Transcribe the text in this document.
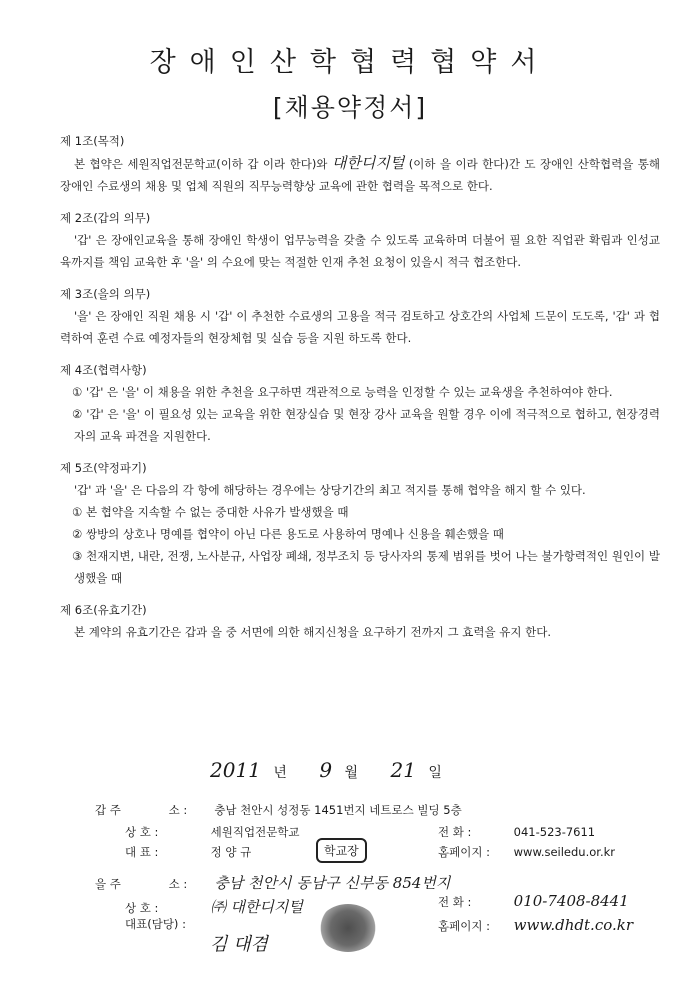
장애인산학협력협약서
[채용약정서]
제 1조(목적)
본 협약은 세원직업전문학교(이하 갑 이라 한다)와 대한디지털 (이하 을 이라 한다)간 도 장애인 산학협력을 통해 장애인 수료생의 채용 및 업체 직원의 직무능력향상 교육에 관한 협력을 목적으로 한다.
제 2조(갑의 의무)
'갑' 은 장애인교육을 통해 장애인 학생이 업무능력을 갖출 수 있도록 교육하며 더불어 필 요한 직업관 확립과 인성교육까지를 책임 교육한 후 '을' 의 수요에 맞는 적절한 인재 추천 요청이 있을시 적극 협조한다.
제 3조(을의 의무)
'을' 은 장애인 직원 채용 시 '갑' 이 추천한 수료생의 고용을 적극 검토하고 상호간의 사업체 드문이 도도록, '갑' 과 협력하여 훈련 수료 예정자들의 현장체험 및 실습 등을 지원 하도록 한다.
제 4조(협력사항)
① '갑' 은 '을' 이 채용을 위한 추천을 요구하면 객관적으로 능력을 인정할 수 있는 교육생을 추천하여야 한다.
② '갑' 은 '을' 이 필요성 있는 교육을 위한 현장실습 및 현장 강사 교육을 원할 경우 이에 적극적으로 협하고, 현장경력자의 교육 파견을 지원한다.
제 5조(약정파기)
'갑' 과 '을' 은 다음의 각 항에 해당하는 경우에는 상당기간의 최고 적지를 통해 협약을 해지 할 수 있다.
① 본 협약을 지속할 수 없는 중대한 사유가 발생했을 때
② 쌍방의 상호나 명예를 협약이 아닌 다른 용도로 사용하여 명예나 신용을 훼손했을 때
③ 천재지변, 내란, 전쟁, 노사분규, 사업장 폐쇄, 정부조치 등 당사자의 통제 범위를 벗어 나는 불가항력적인 원인이 발생했을 때
제 6조(유효기간)
본 계약의 유효기간은 갑과 을 중 서면에 의한 해지신청을 요구하기 전까지 그 효력을 유지 한다.
2011 년 9 월 21 일
갑 주	소 : 충남 천안시 성정동 1451번지 네트로스 빌딩 5층
상 호 :	세원직업전문학교	전 화 :	041-523-7611
대 표 :	정 양 규	학교장	홈페이지 : www.seiledu.or.kr
을 주	소 : 충남 천안시 동남구 신부동 854번지
상 호 :	㈜ 대한디지털	전 화 :	010-7408-8441
대표(담당) :
김 대겸
홈페이지 : www.dhdt.co.kr
